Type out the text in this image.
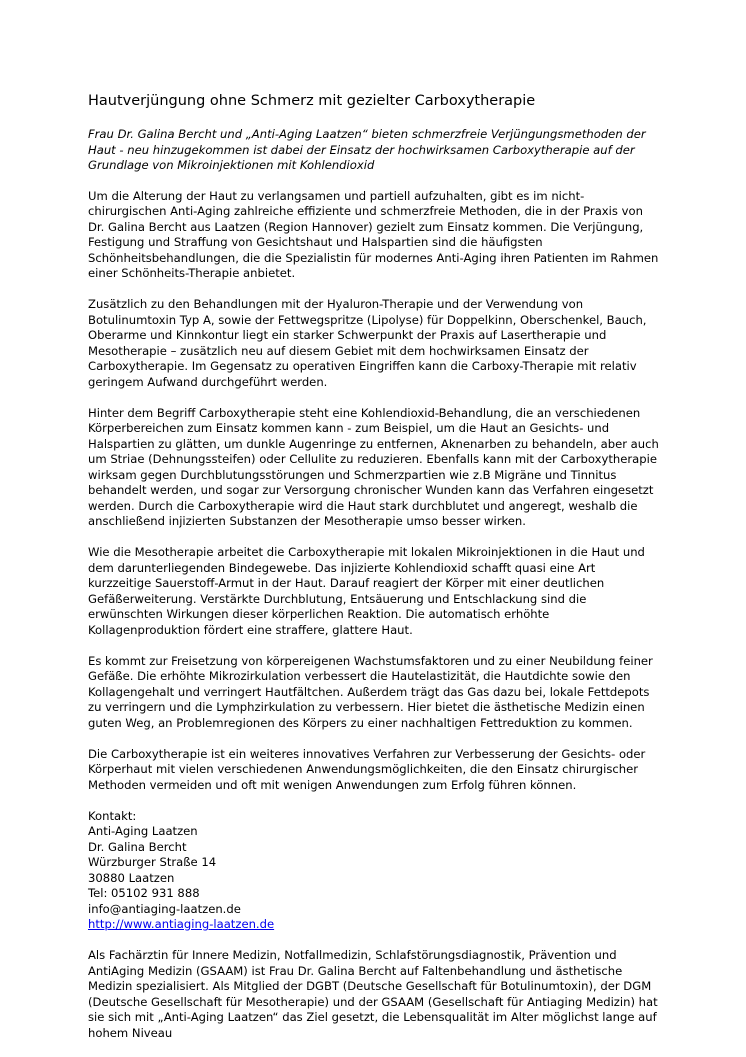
Hautverjüngung ohne Schmerz mit gezielter Carboxytherapie

Frau Dr. Galina Bercht und „Anti-Aging Laatzen“ bieten schmerzfreie Verjüngungsmethoden der Haut - neu hinzugekommen ist dabei der Einsatz der hochwirksamen Carboxytherapie auf der Grundlage von Mikroinjektionen mit Kohlendioxid

Um die Alterung der Haut zu verlangsamen und partiell aufzuhalten, gibt es im nicht-chirurgischen Anti-Aging zahlreiche effiziente und schmerzfreie Methoden, die in der Praxis von Dr. Galina Bercht aus Laatzen (Region Hannover) gezielt zum Einsatz kommen. Die Verjüngung, Festigung und Straffung von Gesichtshaut und Halspartien sind die häufigsten Schönheitsbehandlungen, die die Spezialistin für modernes Anti-Aging ihren Patienten im Rahmen einer Schönheits-Therapie anbietet.

Zusätzlich zu den Behandlungen mit der Hyaluron-Therapie und der Verwendung von Botulinumtoxin Typ A, sowie der Fettwegspritze (Lipolyse) für Doppelkinn, Oberschenkel, Bauch, Oberarme und Kinnkontur liegt ein starker Schwerpunkt der Praxis auf Lasertherapie und Mesotherapie – zusätzlich neu auf diesem Gebiet mit dem hochwirksamen Einsatz der Carboxytherapie. Im Gegensatz zu operativen Eingriffen kann die Carboxy-Therapie mit relativ geringem Aufwand durchgeführt werden.

Hinter dem Begriff Carboxytherapie steht eine Kohlendioxid-Behandlung, die an verschiedenen Körperbereichen zum Einsatz kommen kann - zum Beispiel, um die Haut an Gesichts- und Halspartien zu glätten, um dunkle Augenringe zu entfernen, Aknenarben zu behandeln, aber auch um Striae (Dehnungssteifen) oder Cellulite zu reduzieren. Ebenfalls kann mit der Carboxytherapie wirksam gegen Durchblutungsstörungen und Schmerzpartien wie z.B Migräne und Tinnitus behandelt werden, und sogar zur Versorgung chronischer Wunden kann das Verfahren eingesetzt werden. Durch die Carboxytherapie wird die Haut stark durchblutet und angeregt, weshalb die anschließend injizierten Substanzen der Mesotherapie umso besser wirken.

Wie die Mesotherapie arbeitet die Carboxytherapie mit lokalen Mikroinjektionen in die Haut und dem darunterliegenden Bindegewebe. Das injizierte Kohlendioxid schafft quasi eine Art kurzzeitige Sauerstoff-Armut in der Haut. Darauf reagiert der Körper mit einer deutlichen Gefäßerweiterung. Verstärkte Durchblutung, Entsäuerung und Entschlackung sind die erwünschten Wirkungen dieser körperlichen Reaktion. Die automatisch erhöhte Kollagenproduktion fördert eine straffere, glattere Haut.

Es kommt zur Freisetzung von körpereigenen Wachstumsfaktoren und zu einer Neubildung feiner Gefäße. Die erhöhte Mikrozirkulation verbessert die Hautelastizität, die Hautdichte sowie den Kollagengehalt und verringert Hautfältchen. Außerdem trägt das Gas dazu bei, lokale Fettdepots zu verringern und die Lymphzirkulation zu verbessern. Hier bietet die ästhetische Medizin einen guten Weg, an Problemregionen des Körpers zu einer nachhaltigen Fettreduktion zu kommen.

Die Carboxytherapie ist ein weiteres innovatives Verfahren zur Verbesserung der Gesichts- oder Körperhaut mit vielen verschiedenen Anwendungsmöglichkeiten, die den Einsatz chirurgischer Methoden vermeiden und oft mit wenigen Anwendungen zum Erfolg führen können.

Kontakt:
Anti-Aging Laatzen
Dr. Galina Bercht
Würzburger Straße 14
30880 Laatzen
Tel: 05102 931 888
info@antiaging-laatzen.de
http://www.antiaging-laatzen.de

Als Fachärztin für Innere Medizin, Notfallmedizin, Schlafstörungsdiagnostik, Prävention und AntiAging Medizin (GSAAM) ist Frau Dr. Galina Bercht auf Faltenbehandlung und ästhetische Medizin spezialisiert. Als Mitglied der DGBT (Deutsche Gesellschaft für Botulinumtoxin), der DGM (Deutsche Gesellschaft für Mesotherapie) und der GSAAM (Gesellschaft für Antiaging Medizin) hat sie sich mit „Anti-Aging Laatzen“ das Ziel gesetzt, die Lebensqualität im Alter möglichst lange auf hohem Niveau
